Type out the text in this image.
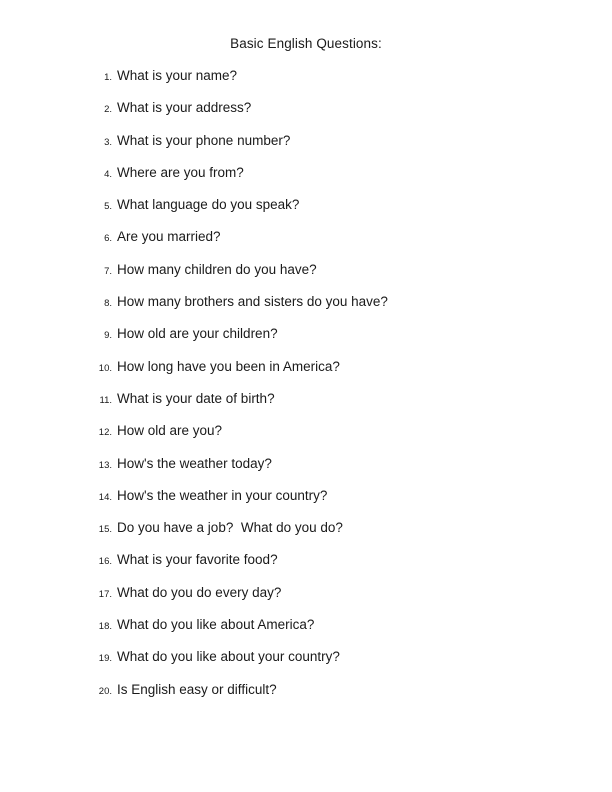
Basic English Questions:
1. What is your name?
2. What is your address?
3. What is your phone number?
4. Where are you from?
5. What language do you speak?
6. Are you married?
7. How many children do you have?
8. How many brothers and sisters do you have?
9. How old are your children?
10. How long have you been in America?
11. What is your date of birth?
12. How old are you?
13. How's the weather today?
14. How's the weather in your country?
15. Do you have a job?  What do you do?
16. What is your favorite food?
17. What do you do every day?
18. What do you like about America?
19. What do you like about your country?
20. Is English easy or difficult?
